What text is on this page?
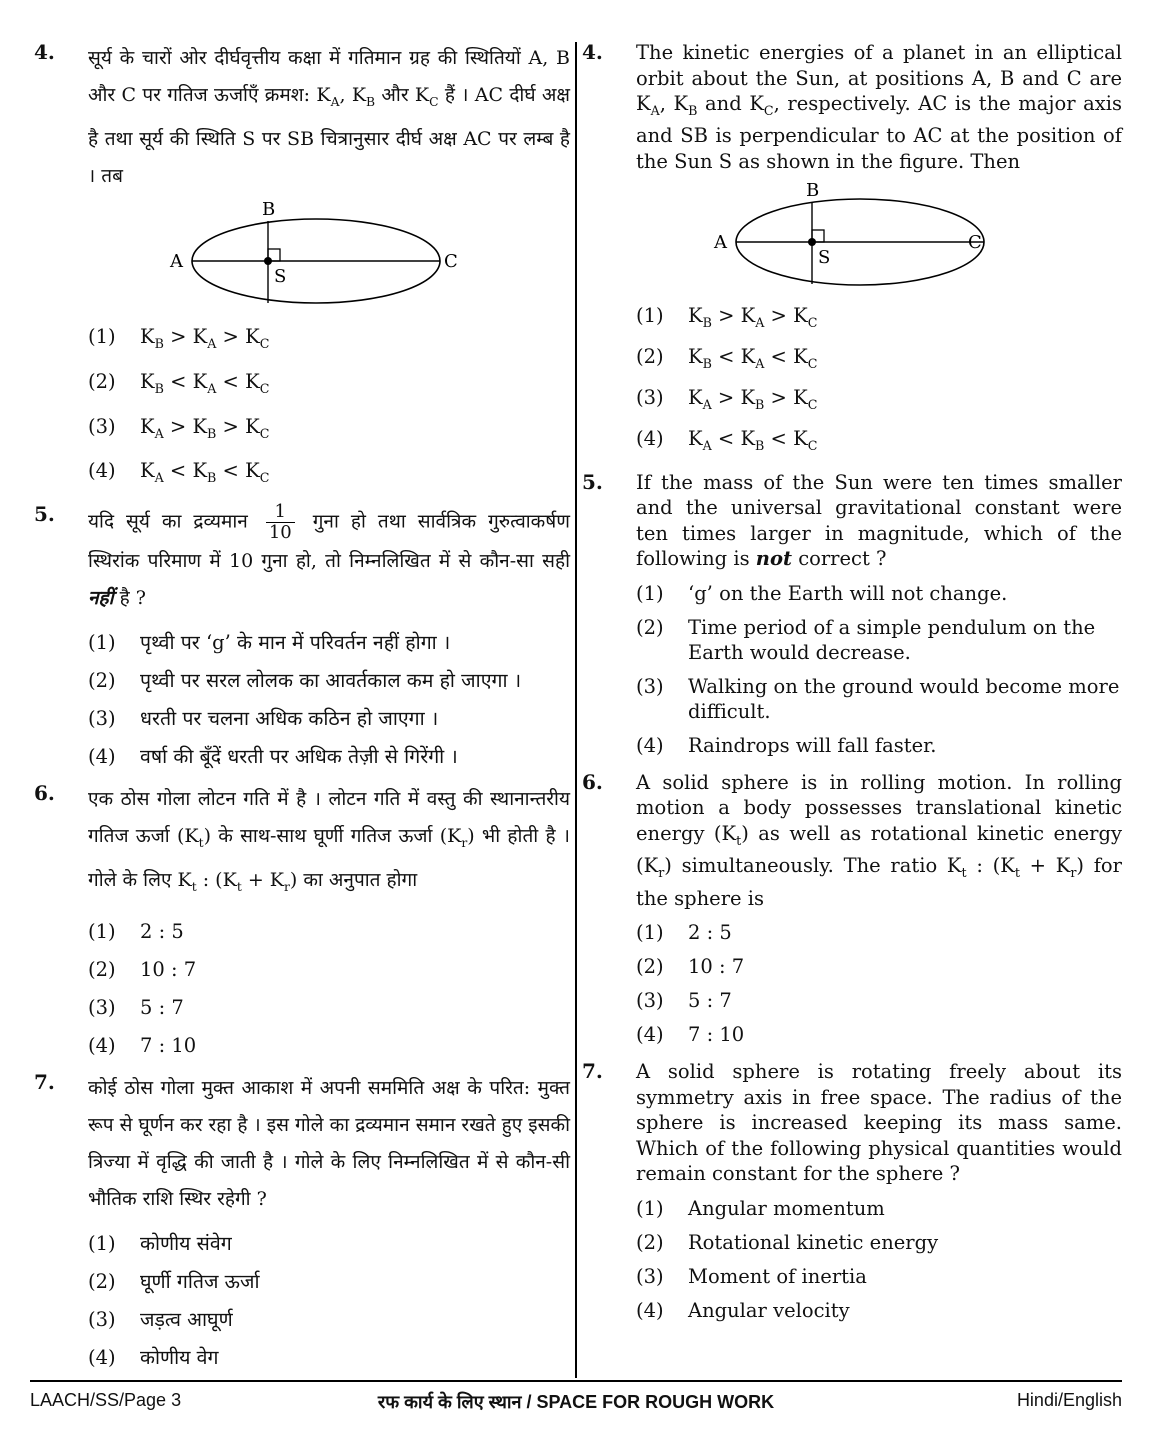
4. सूर्य के चारों ओर दीर्घवृत्तीय कक्षा में गतिमान ग्रह की स्थितियों A, B और C पर गतिज ऊर्जाएँ क्रमश: $K_A$, $K_B$ और $K_C$ हैं । AC दीर्घ अक्ष है तथा सूर्य की स्थिति S पर SB चित्रानुसार दीर्घ अक्ष AC पर लम्ब है । तब
A
B
C
S
(1)	$K_B > K_A > K_C$
(2)	$K_B < K_A < K_C$
(3)	$K_A > K_B > K_C$
(4)	$K_A < K_B < K_C$
5. यदि सूर्य का द्रव्यमान $\frac{1}{10}$ गुना हो तथा सार्वत्रिक गुरुत्वाकर्षण स्थिरांक परिमाण में 10 गुना हो, तो निम्नलिखित में से कौन-सा सही नहीं है ?
(1)	पृथ्वी पर ‘g’ के मान में परिवर्तन नहीं होगा ।
(2)	पृथ्वी पर सरल लोलक का आवर्तकाल कम हो जाएगा ।
(3)	धरती पर चलना अधिक कठिन हो जाएगा ।
(4)	वर्षा की बूँदें धरती पर अधिक तेज़ी से गिरेंगी ।
6. एक ठोस गोला लोटन गति में है । लोटन गति में वस्तु की स्थानान्तरीय गतिज ऊर्जा $(K_t)$ के साथ-साथ घूर्णी गतिज ऊर्जा $(K_r)$ भी होती है । गोले के लिए $K_t$ : $(K_t + K_r)$ का अनुपात होगा
(1)	2 : 5
(2)	10 : 7
(3)	5 : 7
(4)	7 : 10
7. कोई ठोस गोला मुक्त आकाश में अपनी सममिति अक्ष के परित: मुक्त रूप से घूर्णन कर रहा है । इस गोले का द्रव्यमान समान रखते हुए इसकी त्रिज्या में वृद्धि की जाती है । गोले के लिए निम्नलिखित में से कौन-सी भौतिक राशि स्थिर रहेगी ?
(1)	कोणीय संवेग
(2)	घूर्णी गतिज ऊर्जा
(3)	जड़त्व आघूर्ण
(4)	कोणीय वेग
4. The kinetic energies of a planet in an elliptical orbit about the Sun, at positions A, B and C are $K_A$, $K_B$ and $K_C$, respectively. AC is the major axis and SB is perpendicular to AC at the position of the Sun S as shown in the figure. Then
A
B
C
S
(1)	$K_B > K_A > K_C$
(2)	$K_B < K_A < K_C$
(3)	$K_A > K_B > K_C$
(4)	$K_A < K_B < K_C$
5. If the mass of the Sun were ten times smaller and the universal gravitational constant were ten times larger in magnitude, which of the following is not correct ?
(1)	‘g’ on the Earth will not change.
(2)	Time period of a simple pendulum on the Earth would decrease.
(3)	Walking on the ground would become more difficult.
(4)	Raindrops will fall faster.
6. A solid sphere is in rolling motion. In rolling motion a body possesses translational kinetic energy $(K_t)$ as well as rotational kinetic energy $(K_r)$ simultaneously. The ratio $K_t$ : $(K_t + K_r)$ for the sphere is
(1)	2 : 5
(2)	10 : 7
(3)	5 : 7
(4)	7 : 10
7. A solid sphere is rotating freely about its symmetry axis in free space. The radius of the sphere is increased keeping its mass same. Which of the following physical quantities would remain constant for the sphere ?
(1)	Angular momentum
(2)	Rotational kinetic energy
(3)	Moment of inertia
(4)	Angular velocity
LAACH/SS/Page 3	रफ कार्य के लिए स्थान / SPACE FOR ROUGH WORK	Hindi/English
